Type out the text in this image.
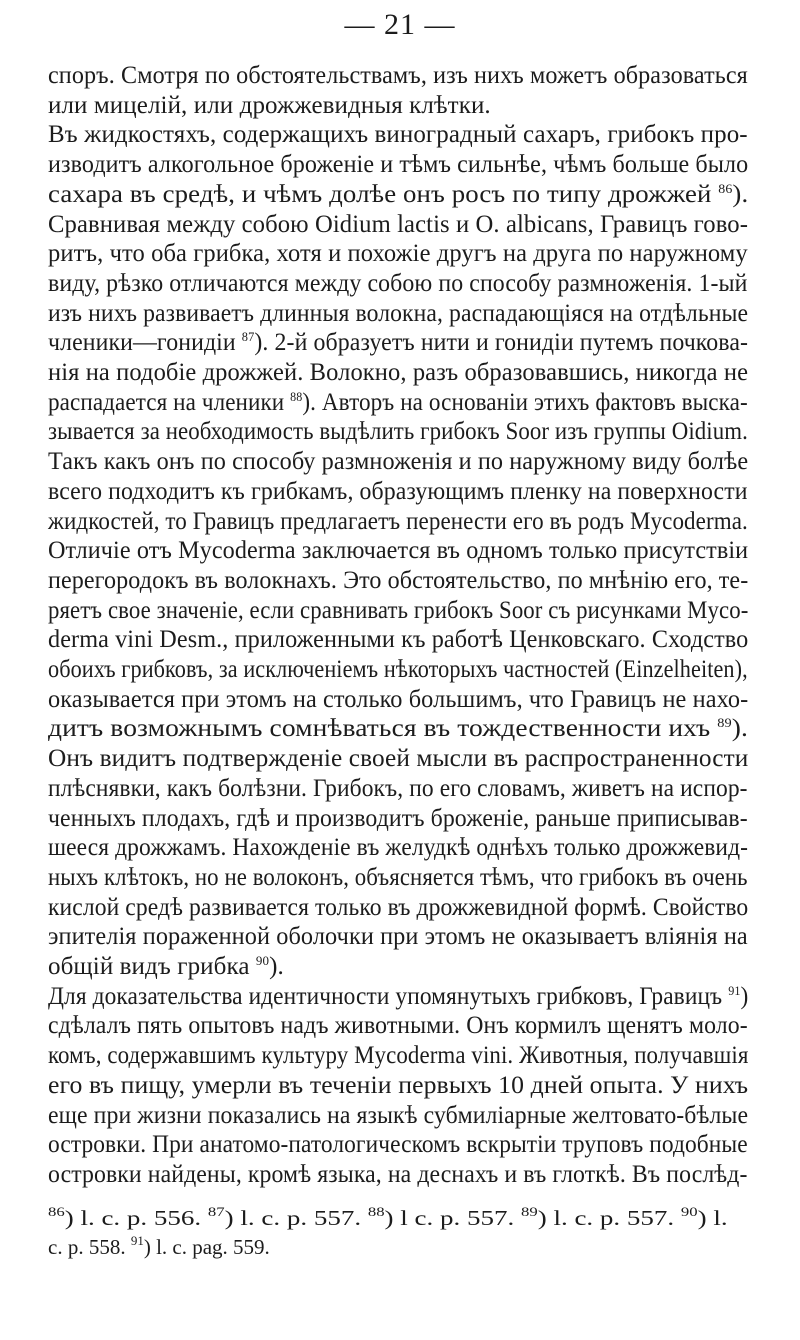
— 21 —
споръ. Смотря по обстоятельствамъ, изъ нихъ можетъ образоваться
или мицелій, или дрожжевидныя клѣтки.
Въ жидкостяхъ, содержащихъ виноградный сахаръ, грибокъ про-
изводитъ алкогольное броженіе и тѣмъ сильнѣе, чѣмъ больше было
сахара въ средѣ, и чѣмъ долѣе онъ росъ по типу дрожжей $^{86}$).
Сравнивая между собою Oidium lactis и O. albicans, Гравицъ гово-
ритъ, что оба грибка, хотя и похожіе другъ на друга по наружному
виду, рѣзко отличаются между собою по способу размноженія. 1-ый
изъ нихъ развиваетъ длинныя волокна, распадающіяся на отдѣльные
членики—гонидіи $^{87}$). 2-й образуетъ нити и гонидіи путемъ почкова-
нія на подобіе дрожжей. Волокно, разъ образовавшись, никогда не
распадается на членики $^{88}$). Авторъ на основаніи этихъ фактовъ выска-
зывается за необходимость выдѣлить грибокъ Soor изъ группы Oidium.
Такъ какъ онъ по способу размноженія и по наружному виду болѣе
всего подходитъ къ грибкамъ, образующимъ пленку на поверхности
жидкостей, то Гравицъ предлагаетъ перенести его въ родъ Mycoderma.
Отличіе отъ Mycoderma заключается въ одномъ только присутствіи
перегородокъ въ волокнахъ. Это обстоятельство, по мнѣнію его, те-
ряетъ свое значеніе, если сравнивать грибокъ Soor съ рисунками Myco-
derma vini Desm., приложенными къ работѣ Ценковскаго. Сходство
обоихъ грибковъ, за исключеніемъ нѣкоторыхъ частностей (Einzelheiten),
оказывается при этомъ на столько большимъ, что Гравицъ не нахо-
дитъ возможнымъ сомнѣваться въ тождественности ихъ $^{89}$).
Онъ видитъ подтвержденіе своей мысли въ распространенности
плѣснявки, какъ болѣзни. Грибокъ, по его словамъ, живетъ на испор-
ченныхъ плодахъ, гдѣ и производитъ броженіе, раньше приписывав-
шееся дрожжамъ. Нахожденіе въ желудкѣ однѣхъ только дрожжевид-
ныхъ клѣтокъ, но не волоконъ, объясняется тѣмъ, что грибокъ въ очень
кислой средѣ развивается только въ дрожжевидной формѣ. Свойство
эпителія пораженной оболочки при этомъ не оказываетъ вліянія на
общій видъ грибка $^{90}$).
Для доказательства идентичности упомянутыхъ грибковъ, Гравицъ $^{91}$)
сдѣлалъ пять опытовъ надъ животными. Онъ кормилъ щенятъ моло-
комъ, содержавшимъ культуру Mycoderma vini. Животныя, получавшія
его въ пищу, умерли въ теченіи первыхъ 10 дней опыта. У нихъ
еще при жизни показались на языкѣ субмиліарные желтовато-бѣлые
островки. При анатомо-патологическомъ вскрытіи труповъ подобные
островки найдены, кромѣ языка, на деснахъ и въ глоткѣ. Въ послѣд-
$^{86}$) l. c. p. 556. $^{87}$) l. c. p. 557. $^{88}$) l c. p. 557. $^{89}$) l. c. p. 557. $^{90}$) l.
c. p. 558. $^{91}$) l. c. pag. 559.
